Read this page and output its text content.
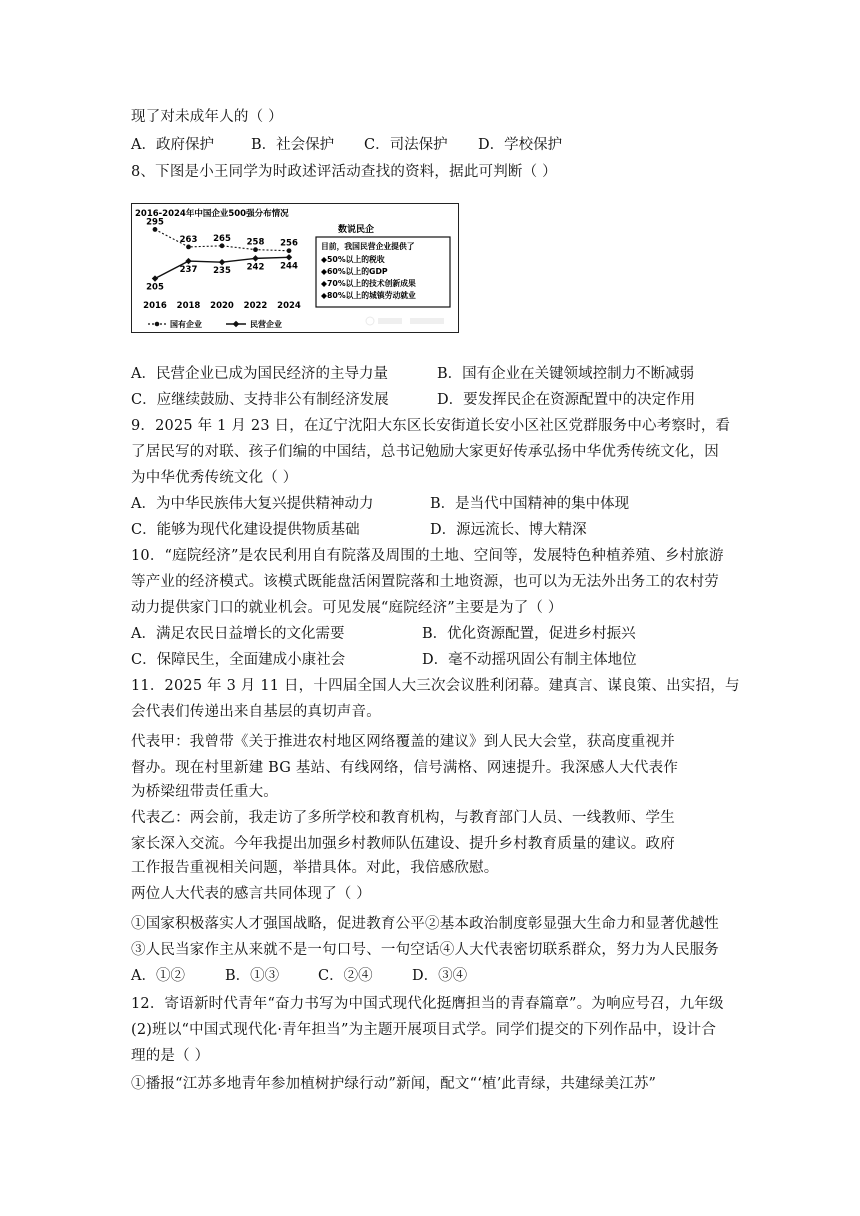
现了对未成年人的（ ）
A．政府保护	B．社会保护 C．司法保护 D．学校保护
8、下图是小王同学为时政述评活动查找的资料，据此可判断（ ）
2016-2024年中国企业500强分布情况
295
263 265 258 256
205
237 235 242 244
2016 2018 2020 2022 2024
国有企业	民营企业
数说民企
目前，我国民营企业提供了
◆50%以上的税收
◆60%以上的GDP
◆70%以上的技术创新成果
◆80%以上的城镇劳动就业
A．民营企业已成为国民经济的主导力量	B．国有企业在关键领域控制力不断减弱
C．应继续鼓励、支持非公有制经济发展	D．要发挥民企在资源配置中的决定作用
9．2025 年 1 月 23 日，在辽宁沈阳大东区长安街道长安小区社区党群服务中心考察时，看
了居民写的对联、孩子们编的中国结，总书记勉励大家更好传承弘扬中华优秀传统文化，因
为中华优秀传统文化（ ）
A．为中华民族伟大复兴提供精神动力	B．是当代中国精神的集中体现
C．能够为现代化建设提供物质基础	D．源远流长、博大精深
10．“庭院经济”是农民利用自有院落及周围的土地、空间等，发展特色种植养殖、乡村旅游
等产业的经济模式。该模式既能盘活闲置院落和土地资源，也可以为无法外出务工的农村劳
动力提供家门口的就业机会。可见发展“庭院经济”主要是为了（ ）
A．满足农民日益增长的文化需要	B．优化资源配置，促进乡村振兴
C．保障民生，全面建成小康社会	D．毫不动摇巩固公有制主体地位
11．2025 年 3 月 11 日，十四届全国人大三次会议胜利闭幕。建真言、谋良策、出实招，与
会代表们传递出来自基层的真切声音。
代表甲：我曾带《关于推进农村地区网络覆盖的建议》到人民大会堂，获高度重视并
督办。现在村里新建 BG 基站、有线网络，信号满格、网速提升。我深感人大代表作
为桥梁纽带责任重大。
代表乙：两会前，我走访了多所学校和教育机构，与教育部门人员、一线教师、学生
家长深入交流。今年我提出加强乡村教师队伍建设、提升乡村教育质量的建议。政府
工作报告重视相关问题，举措具体。对此，我倍感欣慰。
两位人大代表的感言共同体现了（ ）
①国家积极落实人才强国战略，促进教育公平②基本政治制度彰显强大生命力和显著优越性
③人民当家作主从来就不是一句口号、一句空话④人大代表密切联系群众，努力为人民服务
A．①②	B．①③	C．②④	D．③④
12．寄语新时代青年“奋力书写为中国式现代化挺膺担当的青春篇章”。为响应号召，九年级
(2)班以“中国式现代化·青年担当”为主题开展项目式学。同学们提交的下列作品中，设计合
理的是（ ）
①播报“江苏多地青年参加植树护绿行动”新闻，配文“‘植’此青绿，共建绿美江苏”
